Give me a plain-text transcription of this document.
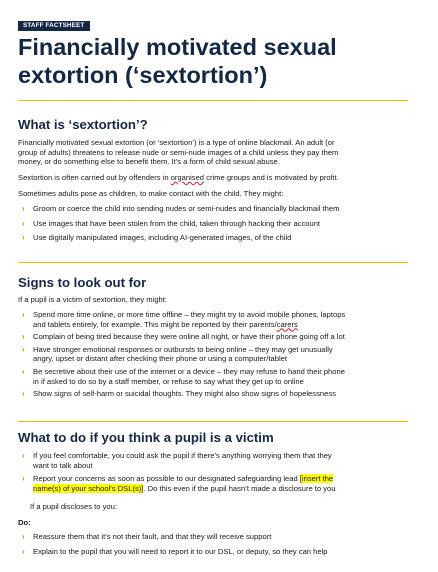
STAFF FACTSHEET
Financially motivated sexual
extortion (‘sextortion’)
What is ‘sextortion’?

Financially motivated sexual extortion (or ‘sextortion’) is a type of online blackmail. An adult (or
group of adults) threatens to release nude or semi-nude images of a child unless they pay them
money, or do something else to benefit them. It’s a form of child sexual abuse.

Sextortion is often carried out by offenders in organised crime groups and is motivated by profit.

Sometimes adults pose as children, to make contact with the child. They might:

› Groom or coerce the child into sending nudes or semi-nudes and financially blackmail them
› Use images that have been stolen from the child, taken through hacking their account
› Use digitally manipulated images, including AI-generated images, of the child
Signs to look out for

If a pupil is a victim of sextortion, they might:

› Spend more time online, or more time offline – they might try to avoid mobile phones, laptops
and tablets entirely, for example. This might be reported by their parents/carers
› Complain of being tired because they were online all night, or have their phone going off a lot
› Have stronger emotional responses or outbursts to being online – they may get unusually
angry, upset or distant after checking their phone or using a computer/tablet
› Be secretive about their use of the internet or a device – they may refuse to hand their phone
in if asked to do so by a staff member, or refuse to say what they get up to online
› Show signs of self-harm or suicidal thoughts. They might also show signs of hopelessness
What to do if you think a pupil is a victim
› If you feel comfortable, you could ask the pupil if there’s anything worrying them that they
want to talk about
› Report your concerns as soon as possible to our designated safeguarding lead [insert the
name(s) of your school’s DSL(s)]. Do this even if the pupil hasn’t made a disclosure to you

If a pupil discloses to you:

Do:

› Reassure them that it’s not their fault, and that they will receive support
› Explain to the pupil that you will need to report it to our DSL, or deputy, so they can help
